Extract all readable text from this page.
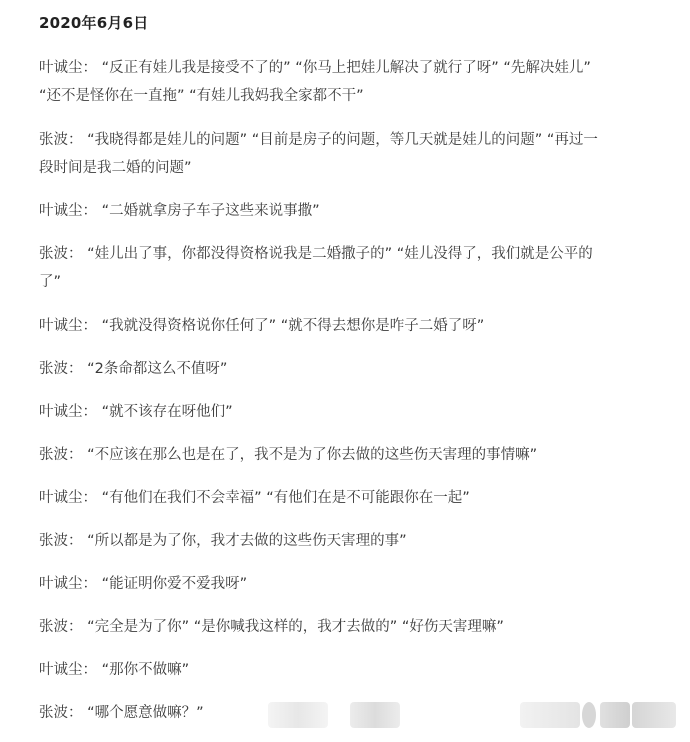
2020年6月6日
叶诚尘： “反正有娃儿我是接受不了的” “你马上把娃儿解决了就行了呀” “先解决娃儿”
“还不是怪你在一直拖” “有娃儿我妈我全家都不干”
张波： “我晓得都是娃儿的问题” “目前是房子的问题，等几天就是娃儿的问题” “再过一
段时间是我二婚的问题”
叶诚尘： “二婚就拿房子车子这些来说事撒”
张波： “娃儿出了事，你都没得资格说我是二婚撒子的” “娃儿没得了，我们就是公平的
了”
叶诚尘： “我就没得资格说你任何了” “就不得去想你是咋子二婚了呀”
张波： “2条命都这么不值呀”
叶诚尘： “就不该存在呀他们”
张波： “不应该在那么也是在了，我不是为了你去做的这些伤天害理的事情嘛”
叶诚尘： “有他们在我们不会幸福” “有他们在是不可能跟你在一起”
张波： “所以都是为了你，我才去做的这些伤天害理的事”
叶诚尘： “能证明你爱不爱我呀”
张波： “完全是为了你” “是你喊我这样的，我才去做的” “好伤天害理嘛”
叶诚尘： “那你不做嘛”
张波： “哪个愿意做嘛？”
